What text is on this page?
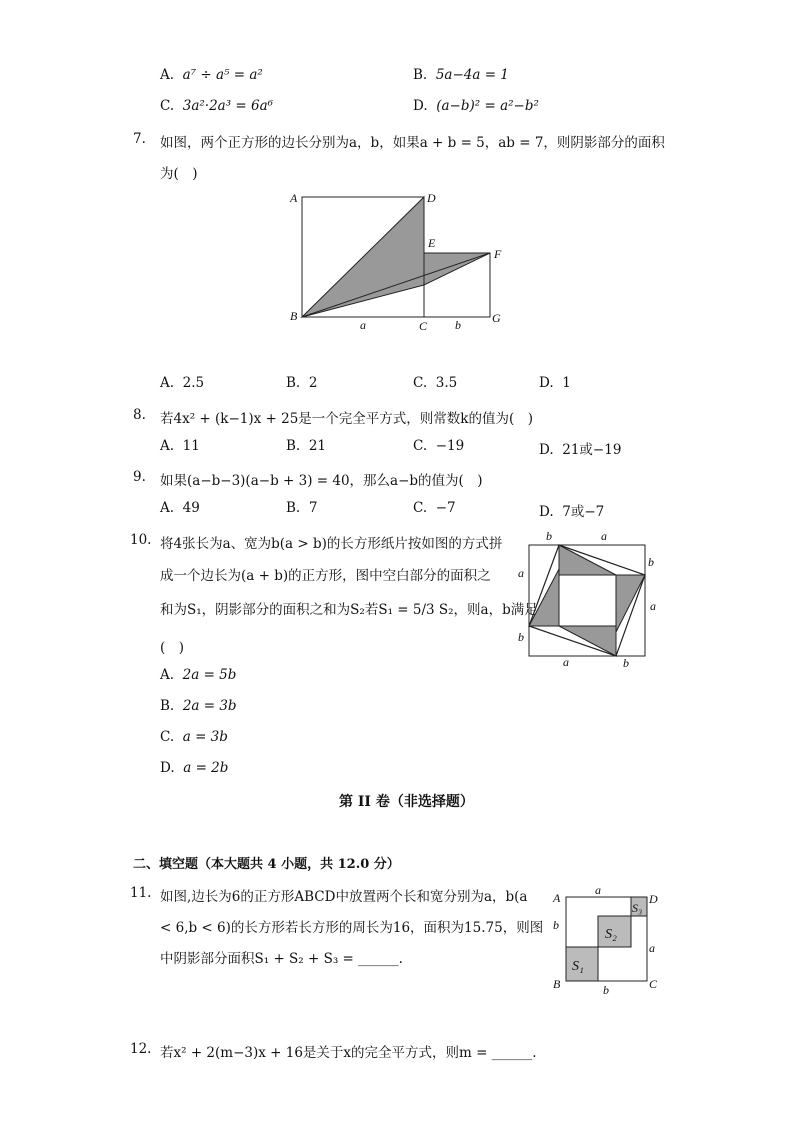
A. a⁷ ÷ a⁵ = a²	B. 5a−4a = 1
C. 3a²·2a³ = 6a⁶	D. (a−b)² = a²−b²
7. 如图，两个正方形的边长分别为a，b，如果a + b = 5，ab = 7，则阴影部分的面积
为(　)
A	D
E
F
B
C
G
a	b
A. 2.5	B. 2	C. 3.5	D. 1
8. 若4x² + (k−1)x + 25是一个完全平方式，则常数k的值为(　)
A. 11	B. 21	C. −19	D. 21或−19
9. 如果(a−b−3)(a−b + 3) = 40，那么a−b的值为(　)
A. 49	B. 7	C. −7	D. 7或−7
10. 将4张长为a、宽为b(a > b)的长方形纸片按如图的方式拼
成一个边长为(a + b)的正方形，图中空白部分的面积之
和为S₁，阴影部分的面积之和为S₂若S₁ = 5/3 S₂，则a，b满足
(　)
b	a
b
a
a
b
a	b
A. 2a = 5b
B. 2a = 3b
C. a = 3b
D. a = 2b
第 II 卷（非选择题）
二、填空题（本大题共 4 小题，共 12.0 分）
11. 如图,边长为6的正方形ABCD中放置两个长和宽分别为a，b(a
< 6,b < 6)的长方形若长方形的周长为16，面积为15.75，则图
中阴影部分面积S₁ + S₂ + S₃ = ______.
A	D
B	C
a
b
a
b
S₁
S₂
S₃
12. 若x² + 2(m−3)x + 16是关于x的完全平方式，则m = ______.
